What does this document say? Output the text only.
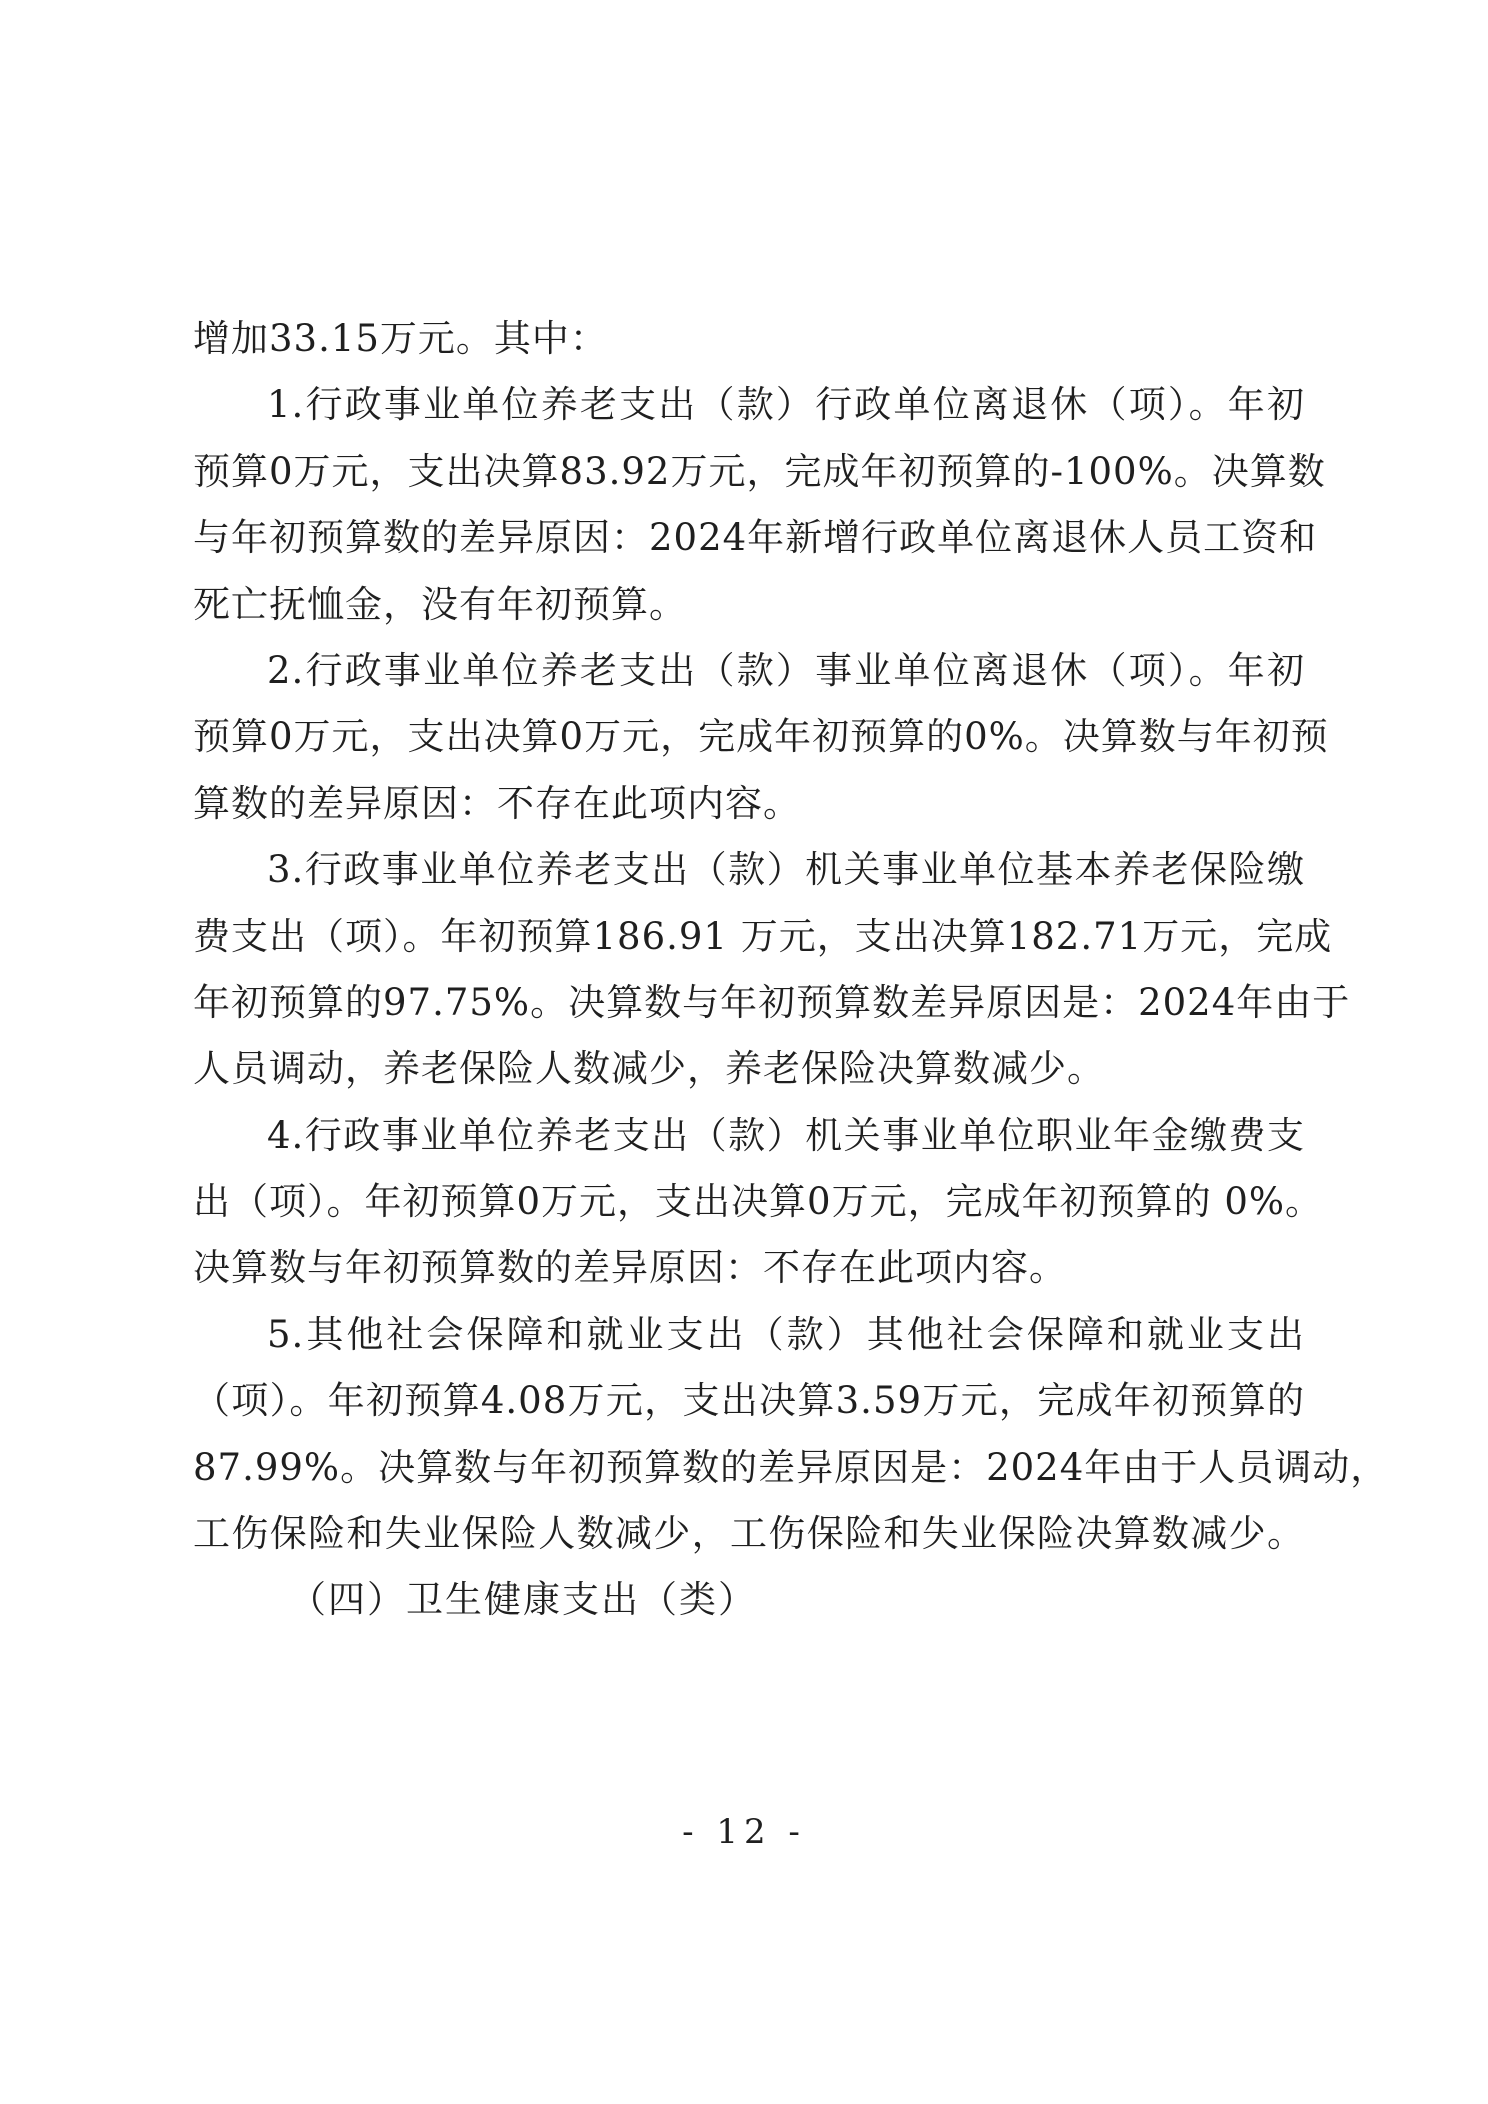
增加33.15万元。其中：
1.行政事业单位养老支出（款）行政单位离退休（项）。年初
预算0万元，支出决算83.92万元，完成年初预算的-100%。决算数
与年初预算数的差异原因：2024年新增行政单位离退休人员工资和
死亡抚恤金，没有年初预算。
2.行政事业单位养老支出（款）事业单位离退休（项）。年初
预算0万元，支出决算0万元，完成年初预算的0%。决算数与年初预
算数的差异原因：不存在此项内容。
3.行政事业单位养老支出（款）机关事业单位基本养老保险缴
费支出（项）。年初预算186.91 万元，支出决算182.71万元，完成
年初预算的97.75%。决算数与年初预算数差异原因是：2024年由于
人员调动，养老保险人数减少，养老保险决算数减少。
4.行政事业单位养老支出（款）机关事业单位职业年金缴费支
出（项）。年初预算0万元，支出决算0万元，完成年初预算的 0%。
决算数与年初预算数的差异原因：不存在此项内容。
5.其他社会保障和就业支出（款）其他社会保障和就业支出
（项）。年初预算4.08万元，支出决算3.59万元，完成年初预算的
87.99%。决算数与年初预算数的差异原因是：2024年由于人员调动，
工伤保险和失业保险人数减少，工伤保险和失业保险决算数减少。
（四）卫生健康支出（类）
- 12 -
